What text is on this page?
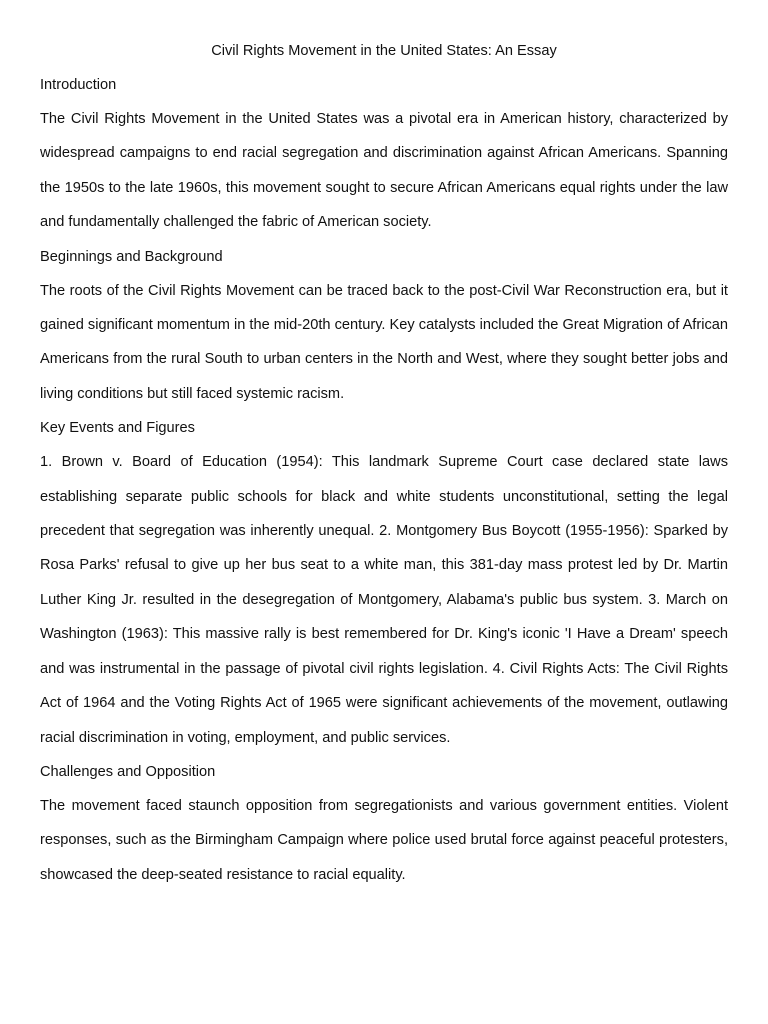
Civil Rights Movement in the United States: An Essay
Introduction
The Civil Rights Movement in the United States was a pivotal era in American history, characterized by widespread campaigns to end racial segregation and discrimination against African Americans. Spanning the 1950s to the late 1960s, this movement sought to secure African Americans equal rights under the law and fundamentally challenged the fabric of American society.
Beginnings and Background
The roots of the Civil Rights Movement can be traced back to the post-Civil War Reconstruction era, but it gained significant momentum in the mid-20th century. Key catalysts included the Great Migration of African Americans from the rural South to urban centers in the North and West, where they sought better jobs and living conditions but still faced systemic racism.
Key Events and Figures
1. Brown v. Board of Education (1954): This landmark Supreme Court case declared state laws establishing separate public schools for black and white students unconstitutional, setting the legal precedent that segregation was inherently unequal. 2. Montgomery Bus Boycott (1955-1956): Sparked by Rosa Parks' refusal to give up her bus seat to a white man, this 381-day mass protest led by Dr. Martin Luther King Jr. resulted in the desegregation of Montgomery, Alabama's public bus system. 3. March on Washington (1963): This massive rally is best remembered for Dr. King's iconic 'I Have a Dream' speech and was instrumental in the passage of pivotal civil rights legislation. 4. Civil Rights Acts: The Civil Rights Act of 1964 and the Voting Rights Act of 1965 were significant achievements of the movement, outlawing racial discrimination in voting, employment, and public services.
Challenges and Opposition
The movement faced staunch opposition from segregationists and various government entities. Violent responses, such as the Birmingham Campaign where police used brutal force against peaceful protesters, showcased the deep-seated resistance to racial equality.
